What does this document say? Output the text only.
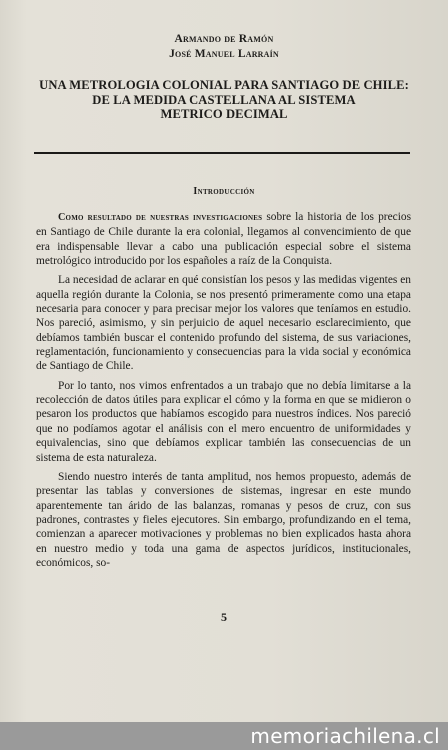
Armando de Ramón
José Manuel Larraín
UNA METROLOGIA COLONIAL PARA SANTIAGO DE CHILE:
DE LA MEDIDA CASTELLANA AL SISTEMA
METRICO DECIMAL
Introducción

Como resultado de nuestras investigaciones sobre la historia de los precios en Santiago de Chile durante la era colonial, llegamos al convencimiento de que era indispensable llevar a cabo una publicación especial sobre el sistema metrológico introducido por los españoles a raíz de la Conquista.

La necesidad de aclarar en qué consistían los pesos y las medidas vigentes en aquella región durante la Colonia, se nos presentó primeramente como una etapa necesaria para conocer y para precisar mejor los valores que teníamos en estudio. Nos pareció, asimismo, y sin perjuicio de aquel necesario esclarecimiento, que debíamos también buscar el contenido profundo del sistema, de sus variaciones, reglamentación, funcionamiento y consecuencias para la vida social y económica de Santiago de Chile.

Por lo tanto, nos vimos enfrentados a un trabajo que no debía limitarse a la recolección de datos útiles para explicar el cómo y la forma en que se midieron o pesaron los productos que habíamos escogido para nuestros índices. Nos pareció que no podíamos agotar el análisis con el mero encuentro de uniformidades y equivalencias, sino que debíamos explicar también las consecuencias de un sistema de esta naturaleza.

Siendo nuestro interés de tanta amplitud, nos hemos propuesto, además de presentar las tablas y conversiones de sistemas, ingresar en este mundo aparentemente tan árido de las balanzas, romanas y pesos de cruz, con sus padrones, contrastes y fieles ejecutores. Sin embargo, profundizando en el tema, comienzan a aparecer motivaciones y problemas no bien explicados hasta ahora en nuestro medio y toda una gama de aspectos jurídicos, institucionales, económicos, so-

5
memoriachilena.cl
